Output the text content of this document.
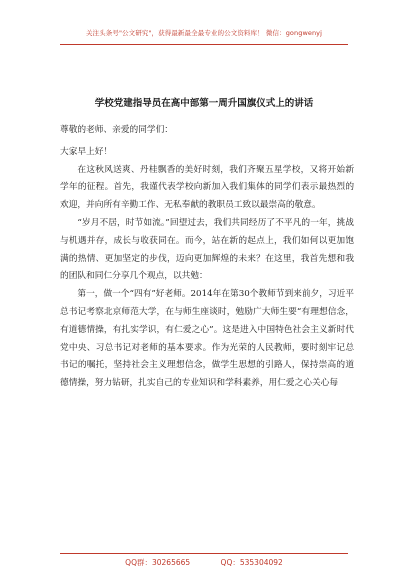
关注头条号"公文研究"，获得最新最全最专业的公文资料库！ 微信：gongwenyj
学校党建指导员在高中部第一周升国旗仪式上的讲话

尊敬的老师、亲爱的同学们：

大家早上好！

在这秋风送爽、丹桂飘香的美好时刻，我们齐聚五星学校，又将开始新学年的征程。首先，我谨代表学校向新加入我们集体的同学们表示最热烈的欢迎，并向所有辛勤工作、无私奉献的教职员工致以最崇高的敬意。

“岁月不居，时节如流。”回望过去，我们共同经历了不平凡的一年，挑战与机遇并存，成长与收获同在。而今，站在新的起点上，我们如何以更加饱满的热情、更加坚定的步伐，迈向更加辉煌的未来？在这里，我首先想和我的团队和同仁分享几个观点，以共勉：

第一，做一个“四有”好老师。2014年在第30个教师节到来前夕，习近平总书记考察北京师范大学，在与师生座谈时，勉励广大师生要“有理想信念，有道德情操，有扎实学识，有仁爱之心”。这是进入中国特色社会主义新时代党中央、习总书记对老师的基本要求。作为光荣的人民教师，要时刻牢记总书记的嘱托，坚持社会主义理想信念，做学生思想的引路人，保持崇高的道德情操，努力钻研，扎实自己的专业知识和学科素养，用仁爱之心关心每

QQ群：30265665	QQ：535304092
